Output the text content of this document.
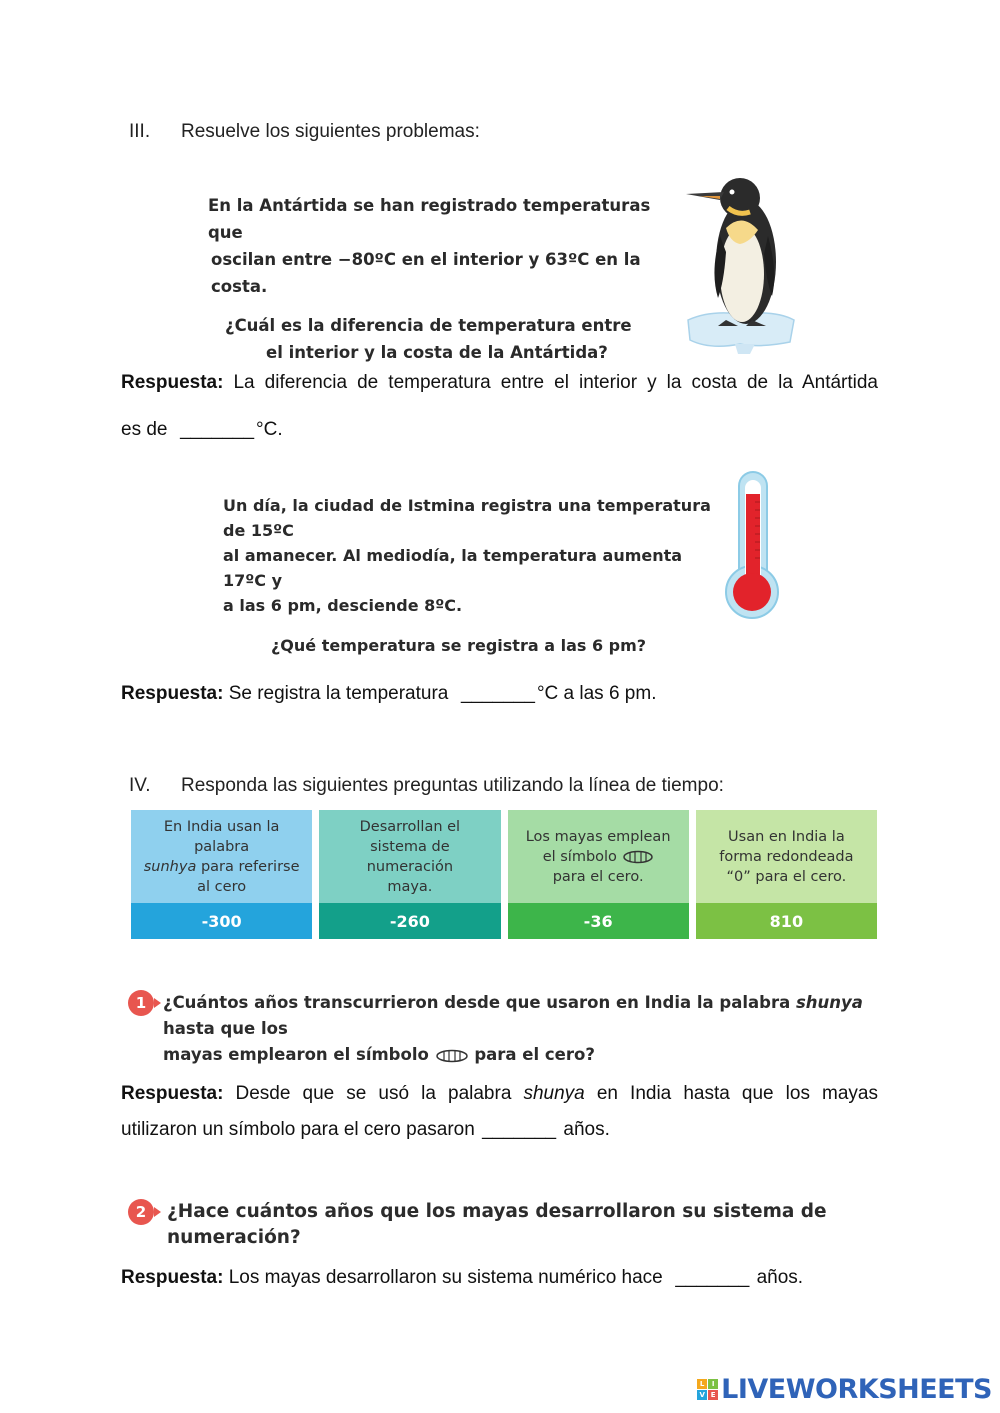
III. Resuelve los siguientes problemas:
En la Antártida se han registrado temperaturas que
oscilan entre −80ºC en el interior y 63ºC en la costa.
¿Cuál es la diferencia de temperatura entre
el interior y la costa de la Antártida?
Respuesta: La diferencia de temperatura entre el interior y la costa de la Antártida
es de _______ °C.
Un día, la ciudad de Istmina registra una temperatura de 15ºC
al amanecer. Al mediodía, la temperatura aumenta 17ºC y
a las 6 pm, desciende 8ºC.
¿Qué temperatura se registra a las 6 pm?
Respuesta: Se registra la temperatura _______ °C a las 6 pm.
IV. Responda las siguientes preguntas utilizando la línea de tiempo:
En India usan la palabra
sunhya para referirse al cero
-300
Desarrollan el sistema de numeración maya.
-260
Los mayas emplean el símbolo
para el cero.
-36
Usan en India la forma redondeada “0” para el cero.
810
1	¿Cuántos años transcurrieron desde que usaron en India la palabra shunya hasta que los
mayas emplearon el símbolo	para el cero?
Respuesta: Desde que se usó la palabra shunya en India hasta que los mayas
utilizaron un símbolo para el cero pasaron _______ años.
2	¿Hace cuántos años que los mayas desarrollaron su sistema de numeración?
Respuesta: Los mayas desarrollaron su sistema numérico hace _______ años.
L	I
V E LIVEWORKSHEETS
